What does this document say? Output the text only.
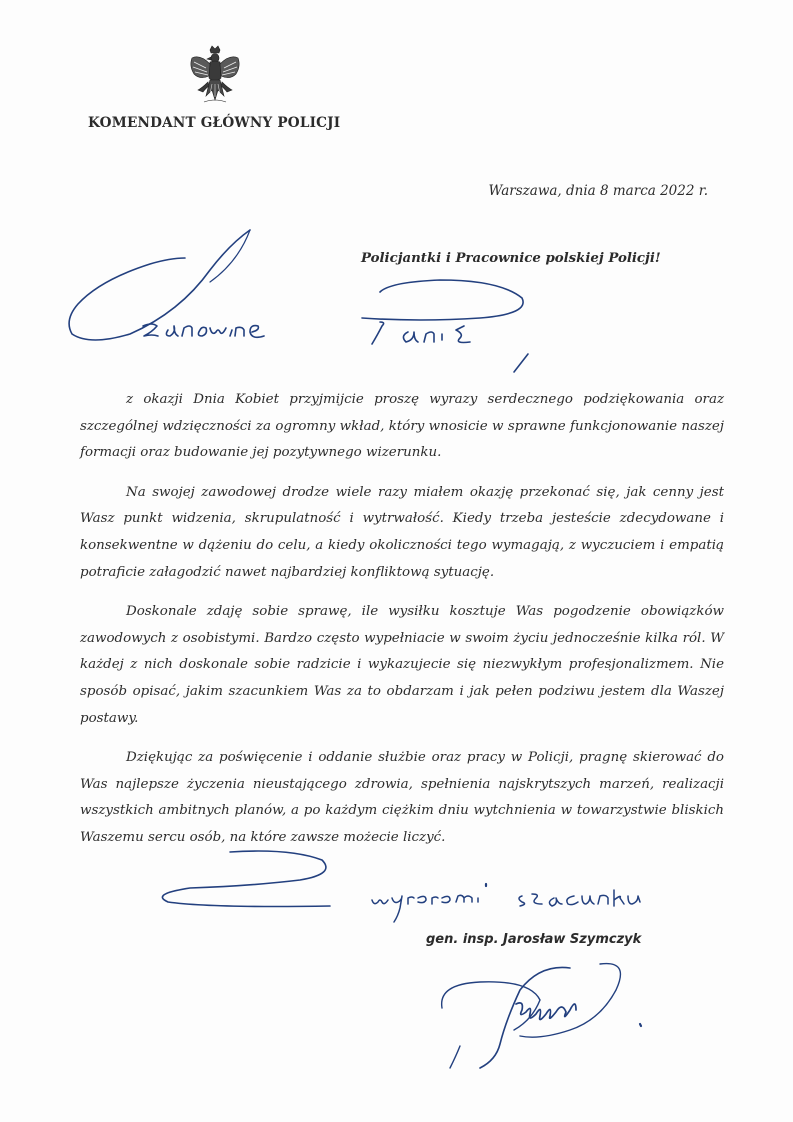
KOMENDANT GŁÓWNY POLICJI
Warszawa, dnia 8 marca 2022 r.
Policjantki i Pracownice polskiej Policji!

z okazji Dnia Kobiet przyjmijcie proszę wyrazy serdecznego podziękowania oraz szczególnej wdzięczności za ogromny wkład, który wnosicie w sprawne funkcjonowanie naszej formacji oraz budowanie jej pozytywnego wizerunku.

Na swojej zawodowej drodze wiele razy miałem okazję przekonać się, jak cenny jest Wasz punkt widzenia, skrupulatność i wytrwałość. Kiedy trzeba jesteście zdecydowane i konsekwentne w dążeniu do celu, a kiedy okoliczności tego wymagają, z wyczuciem i empatią potraficie załagodzić nawet najbardziej konfliktową sytuację.

Doskonale zdaję sobie sprawę, ile wysiłku kosztuje Was pogodzenie obowiązków zawodowych z osobistymi. Bardzo często wypełniacie w swoim życiu jednocześnie kilka ról. W każdej z nich doskonale sobie radzicie i wykazujecie się niezwykłym profesjonalizmem. Nie sposób opisać, jakim szacunkiem Was za to obdarzam i jak pełen podziwu jestem dla Waszej postawy.

Dziękując za poświęcenie i oddanie służbie oraz pracy w Policji, pragnę skierować do Was najlepsze życzenia nieustającego zdrowia, spełnienia najskrytszych marzeń, realizacji wszystkich ambitnych planów, a po każdym ciężkim dniu wytchnienia w towarzystwie bliskich Waszemu sercu osób, na które zawsze możecie liczyć.

gen. insp. Jarosław Szymczyk
